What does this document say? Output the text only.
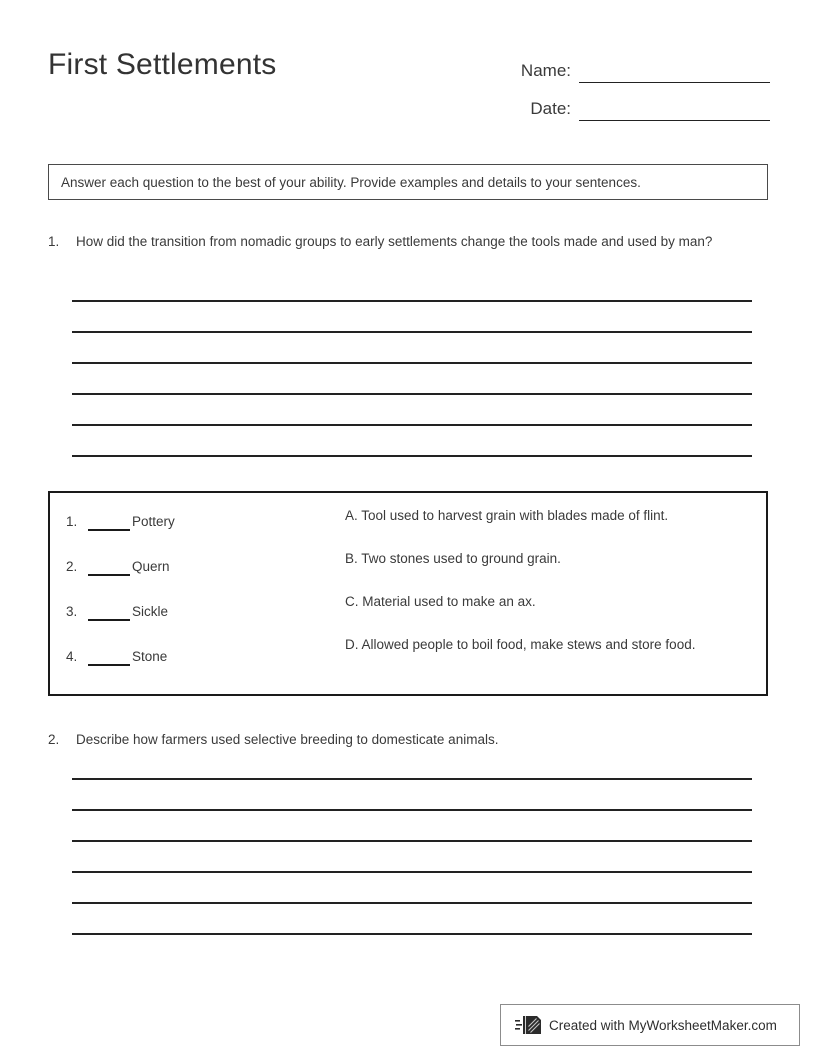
First Settlements	Name:
Date:
Answer each question to the best of your ability. Provide examples and details to your sentences.
1.	How did the transition from nomadic groups to early settlements change the tools made and used by man?
1.	Pottery
2.	Quern
3.	Sickle
4.	Stone
A. Tool used to harvest grain with blades made of flint.
B. Two stones used to ground grain.
C. Material used to make an ax.
D. Allowed people to boil food, make stews and store food.
2.	Describe how farmers used selective breeding to domesticate animals.
Created with MyWorksheetMaker.com
